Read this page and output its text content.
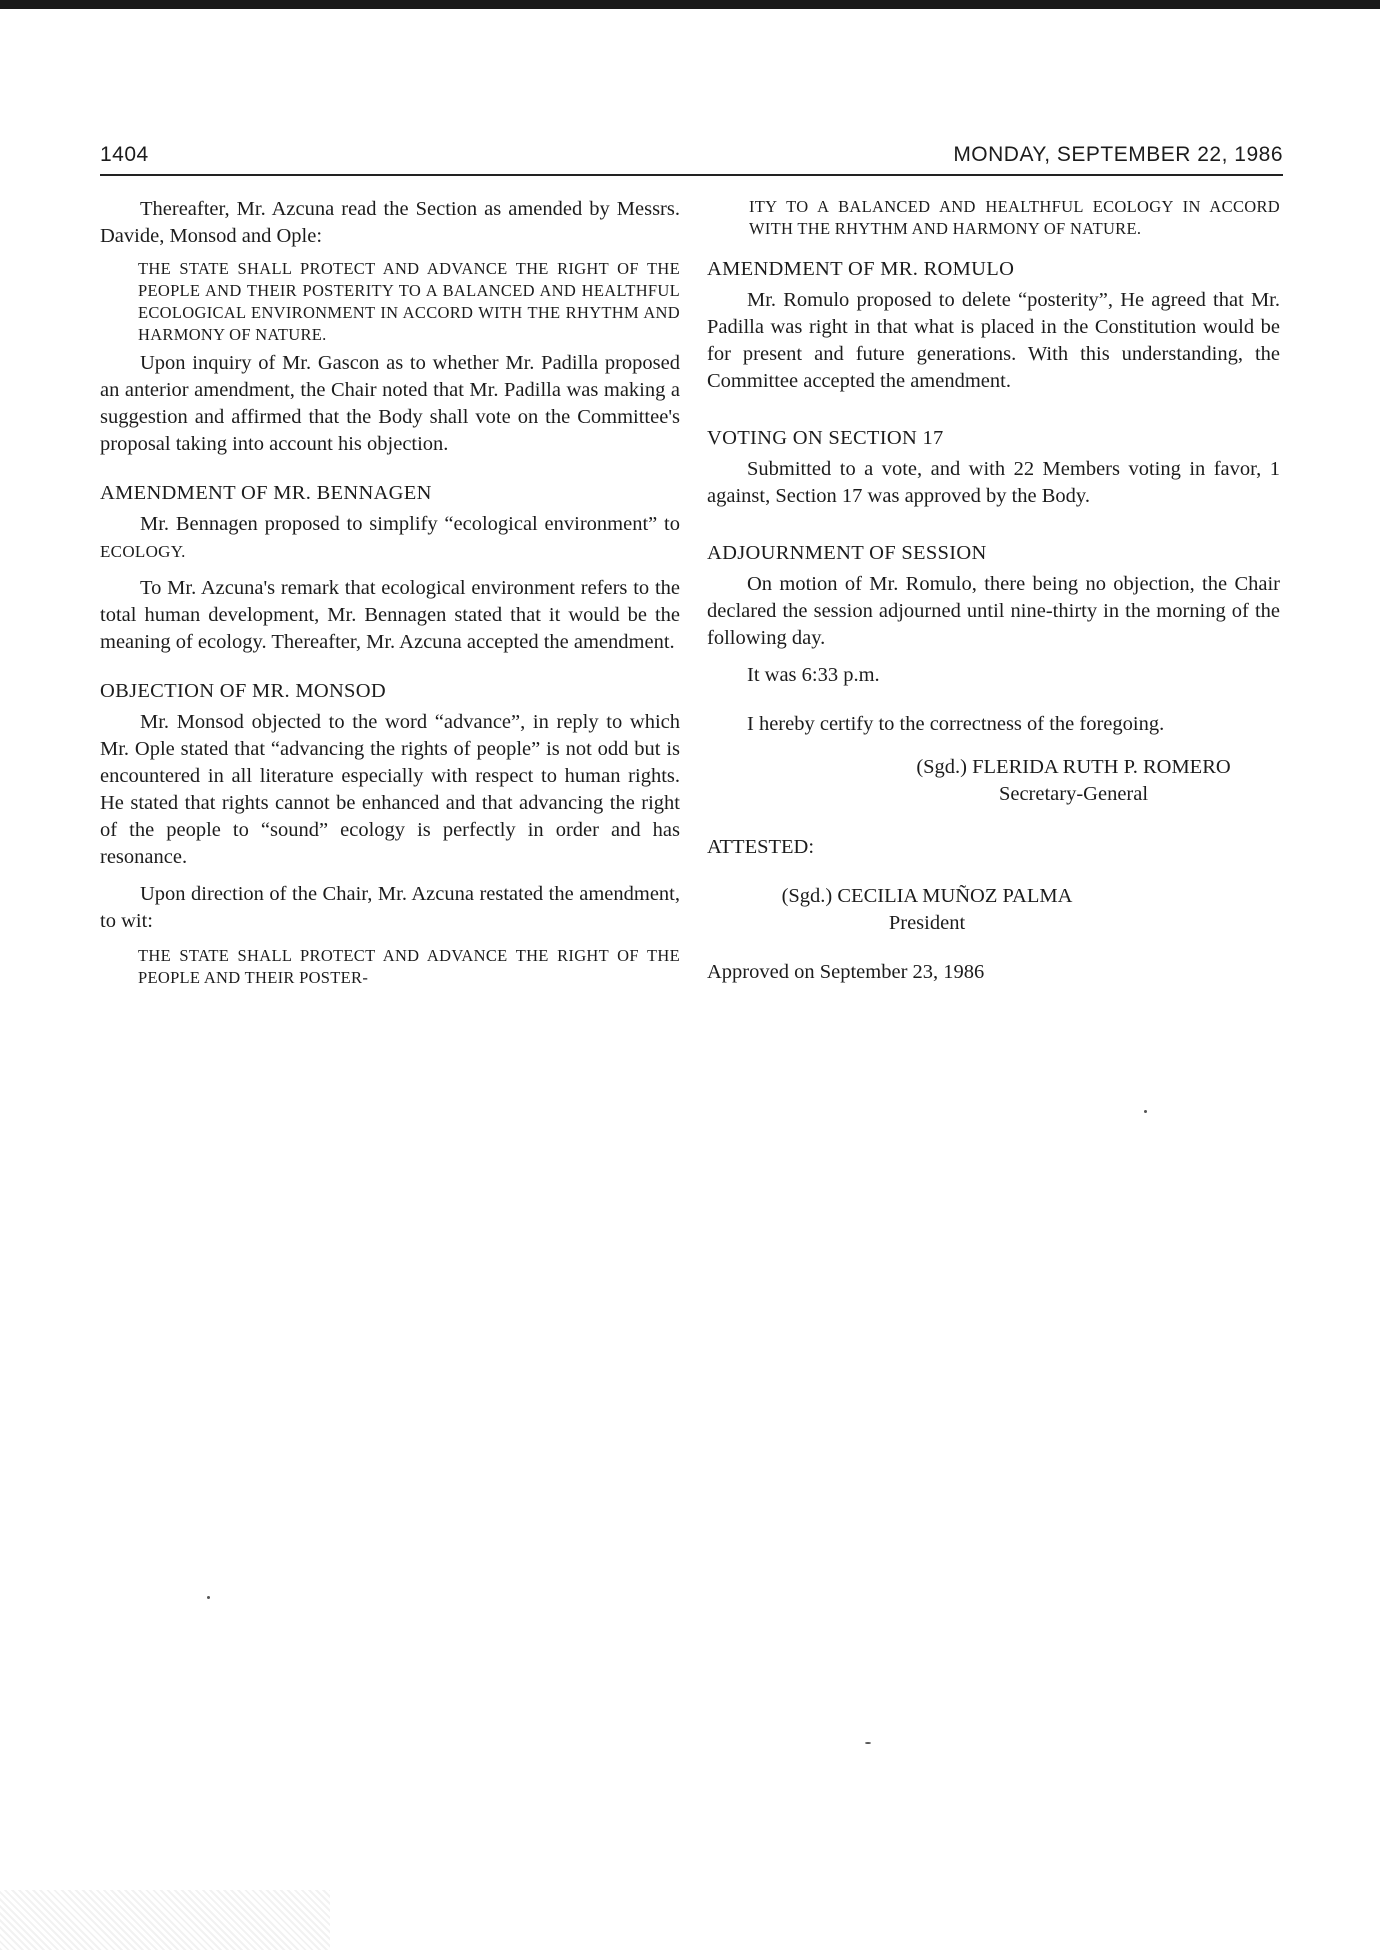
1404	MONDAY, SEPTEMBER 22, 1986

Thereafter, Mr. Azcuna read the Section as amended by Messrs. Davide, Monsod and Ople:

THE STATE SHALL PROTECT AND ADVANCE THE RIGHT OF THE PEOPLE AND THEIR POSTERITY TO A BALANCED AND HEALTHFUL ECOLOGICAL ENVIRONMENT IN ACCORD WITH THE RHYTHM AND HARMONY OF NATURE.

Upon inquiry of Mr. Gascon as to whether Mr. Padilla proposed an anterior amendment, the Chair noted that Mr. Padilla was making a suggestion and affirmed that the Body shall vote on the Committee's proposal taking into account his objection.

AMENDMENT OF MR. BENNAGEN

Mr. Bennagen proposed to simplify “ecological environment” to ECOLOGY.

To Mr. Azcuna's remark that ecological environment refers to the total human development, Mr. Bennagen stated that it would be the meaning of ecology. Thereafter, Mr. Azcuna accepted the amendment.

OBJECTION OF MR. MONSOD

Mr. Monsod objected to the word “advance”, in reply to which Mr. Ople stated that “advancing the rights of people” is not odd but is encountered in all literature especially with respect to human rights. He stated that rights cannot be enhanced and that advancing the right of the people to “sound” ecology is perfectly in order and has resonance.

Upon direction of the Chair, Mr. Azcuna restated the amendment, to wit:

THE STATE SHALL PROTECT AND ADVANCE THE RIGHT OF THE PEOPLE AND THEIR POSTER-

ITY TO A BALANCED AND HEALTHFUL ECOLOGY IN ACCORD WITH THE RHYTHM AND HARMONY OF NATURE.

AMENDMENT OF MR. ROMULO

Mr. Romulo proposed to delete “posterity”, He agreed that Mr. Padilla was right in that what is placed in the Constitution would be for present and future generations. With this understanding, the Committee accepted the amendment.

VOTING ON SECTION 17

Submitted to a vote, and with 22 Members voting in favor, 1 against, Section 17 was approved by the Body.

ADJOURNMENT OF SESSION

On motion of Mr. Romulo, there being no objection, the Chair declared the session adjourned until nine-thirty in the morning of the following day.

It was 6:33 p.m.

I hereby certify to the correctness of the foregoing.

(Sgd.) FLERIDA RUTH P. ROMERO

Secretary-General

ATTESTED:

(Sgd.) CECILIA MUÑOZ PALMA

President

Approved on September 23, 1986
